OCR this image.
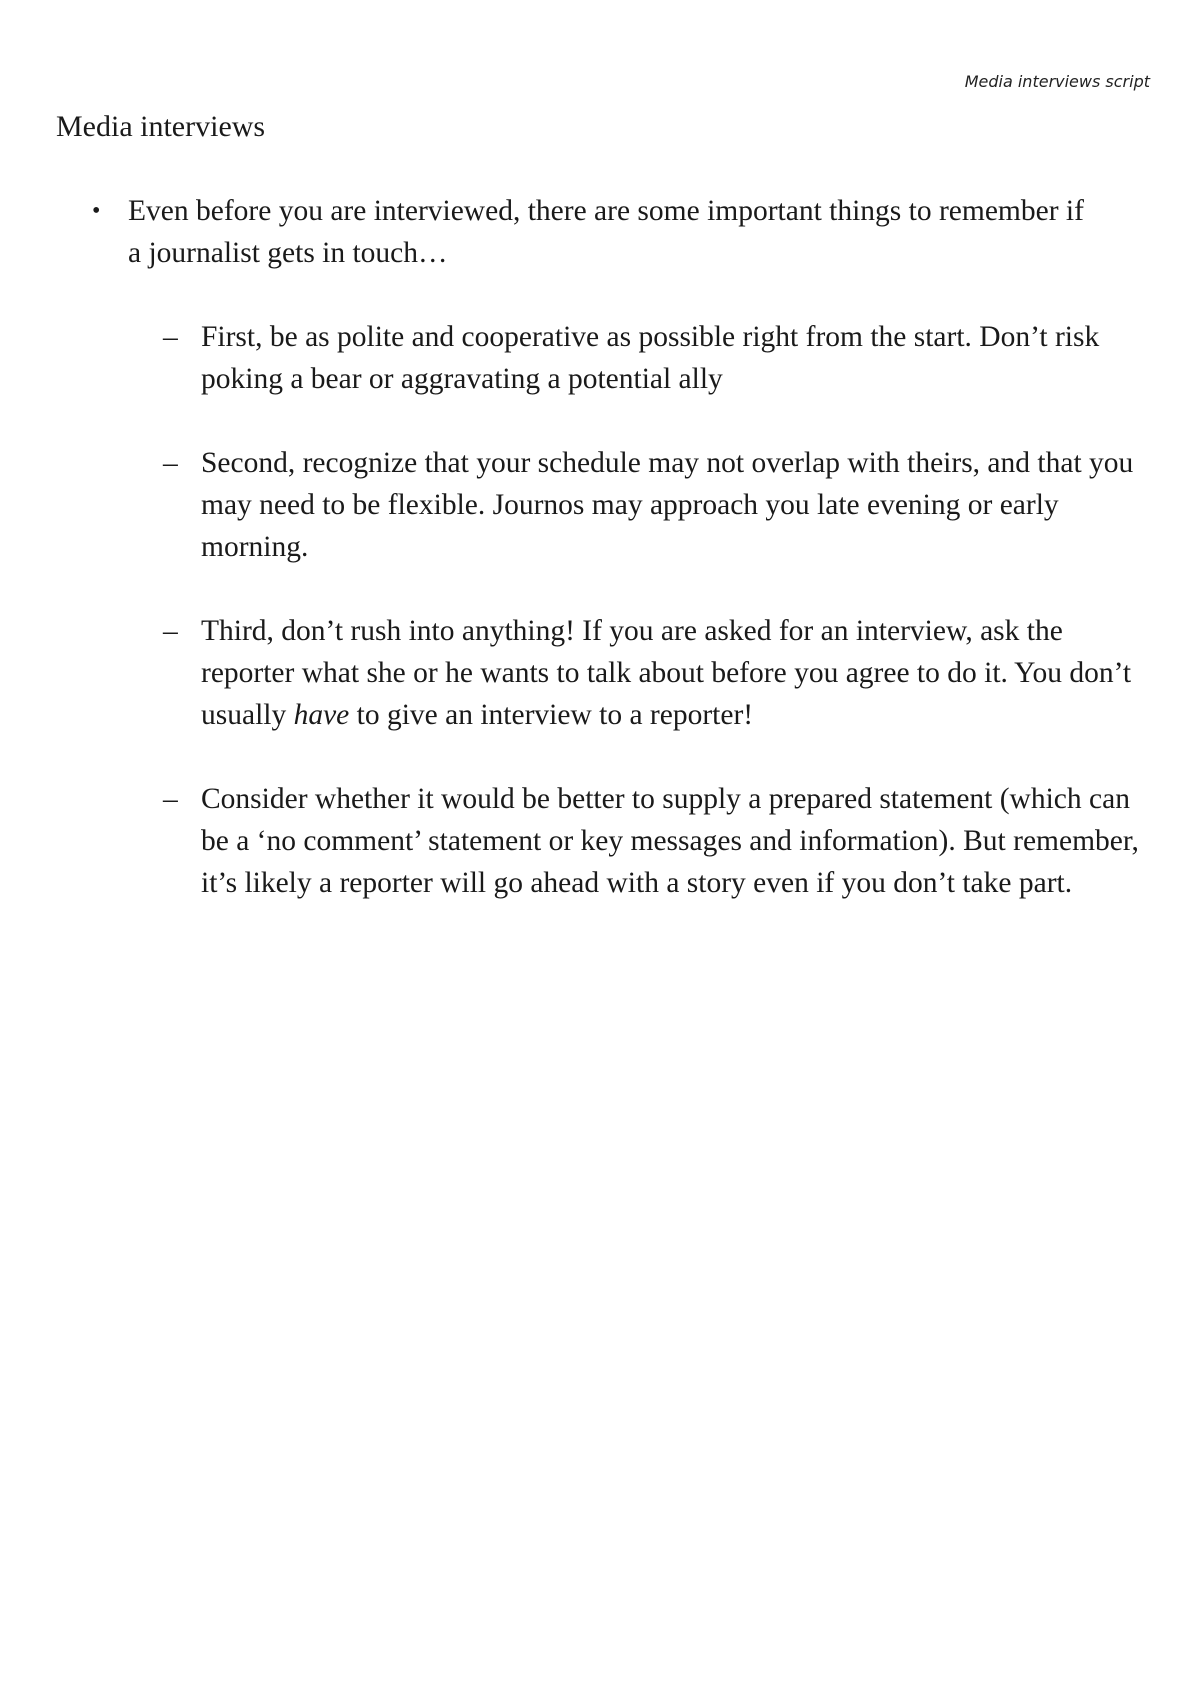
Media interviews script
Media interviews
• Even before you are interviewed, there are some important things to remember if a journalist gets in touch…
– First, be as polite and cooperative as possible right from the start. Don’t risk poking a bear or aggravating a potential ally
– Second, recognize that your schedule may not overlap with theirs, and that you may need to be flexible. Journos may approach you late evening or early morning.
– Third, don’t rush into anything! If you are asked for an interview, ask the reporter what she or he wants to talk about before you agree to do it. You don’t usually have to give an interview to a reporter!
– Consider whether it would be better to supply a prepared statement (which can be a ‘no comment’ statement or key messages and information). But remember, it’s likely a reporter will go ahead with a story even if you don’t take part.
